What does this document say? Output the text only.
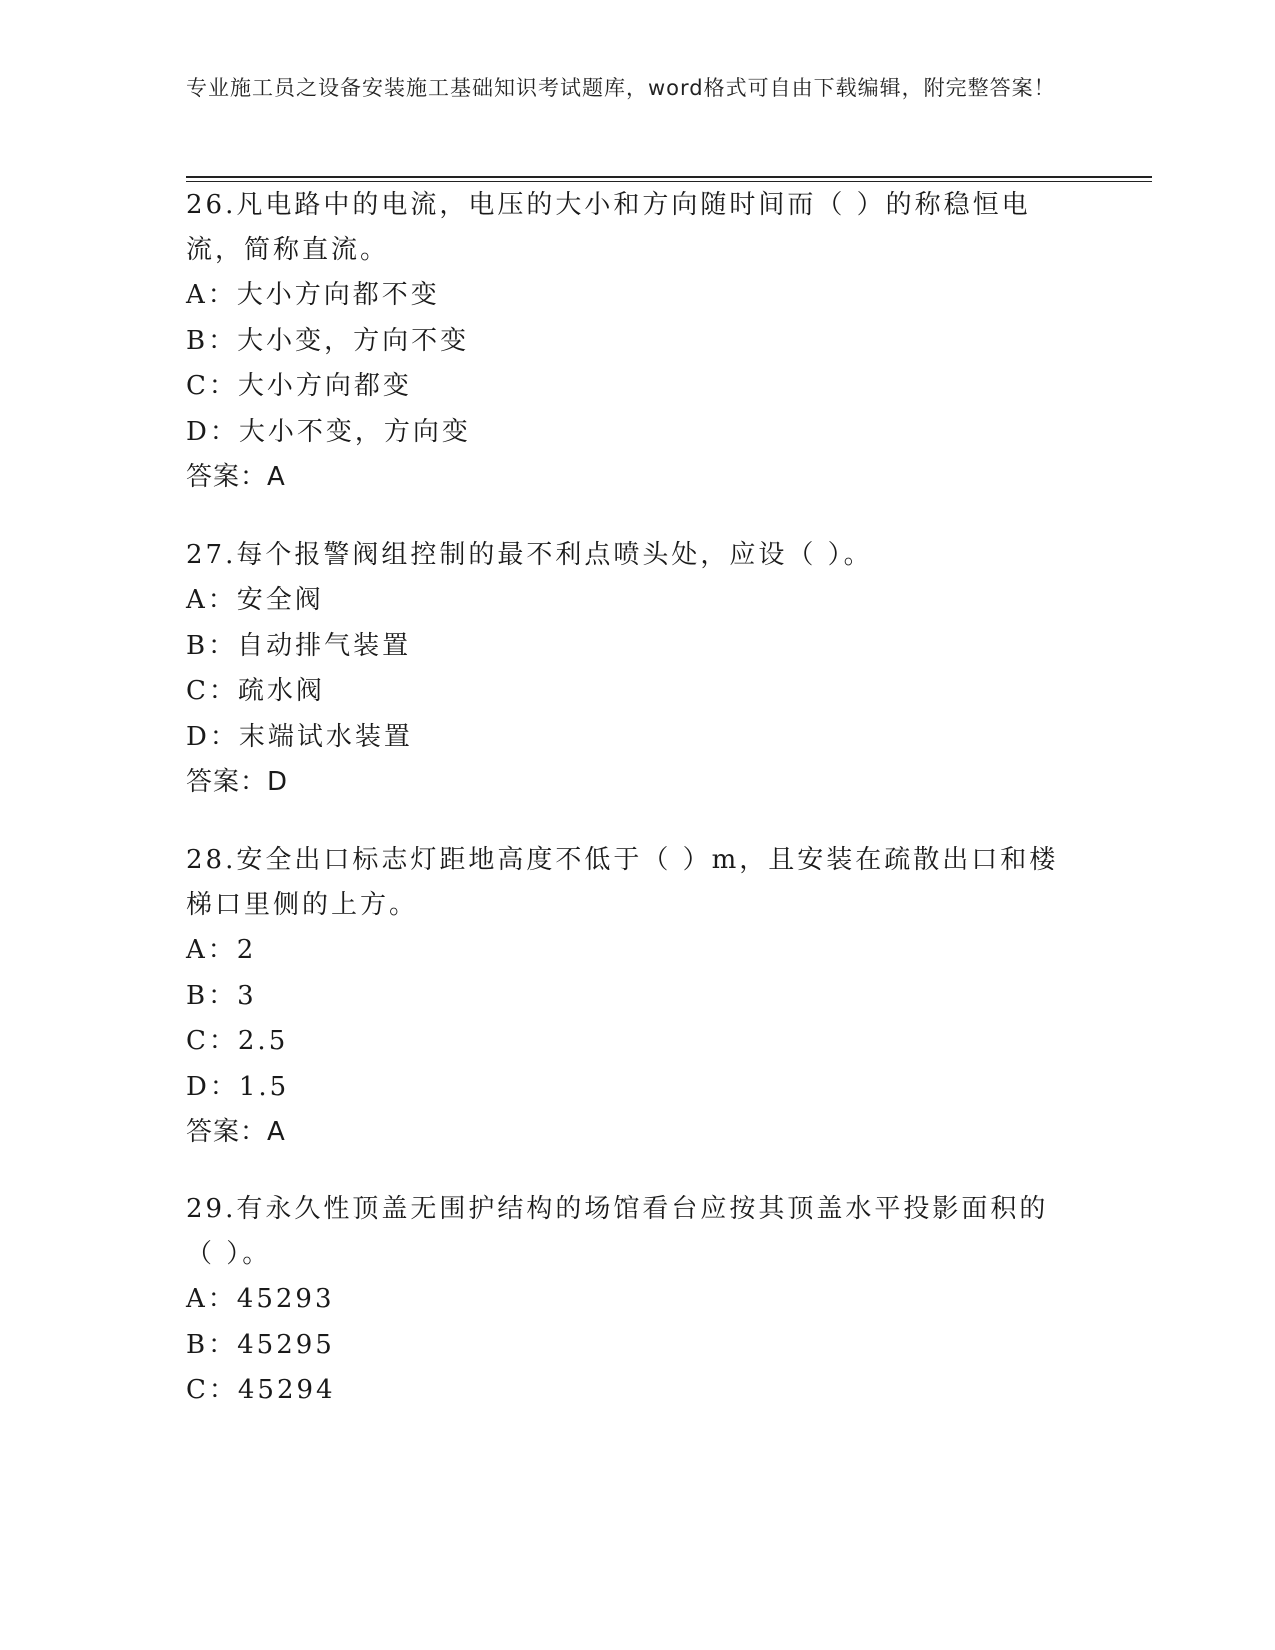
专业施工员之设备安装施工基础知识考试题库，word格式可自由下载编辑，附完整答案！

26.凡电路中的电流，电压的大小和方向随时间而（ ）的称稳恒电流，简称直流。

A：大小方向都不变

B：大小变，方向不变

C：大小方向都变

D：大小不变，方向变

答案：A

27.每个报警阀组控制的最不利点喷头处，应设（ ）。

A：安全阀

B：自动排气装置

C：疏水阀

D：末端试水装置

答案：D

28.安全出口标志灯距地高度不低于（ ）m，且安装在疏散出口和楼梯口里侧的上方。

A：2

B：3

C：2.5

D：1.5

答案：A

29.有永久性顶盖无围护结构的场馆看台应按其顶盖水平投影面积的（ ）。

A：45293

B：45295

C：45294
